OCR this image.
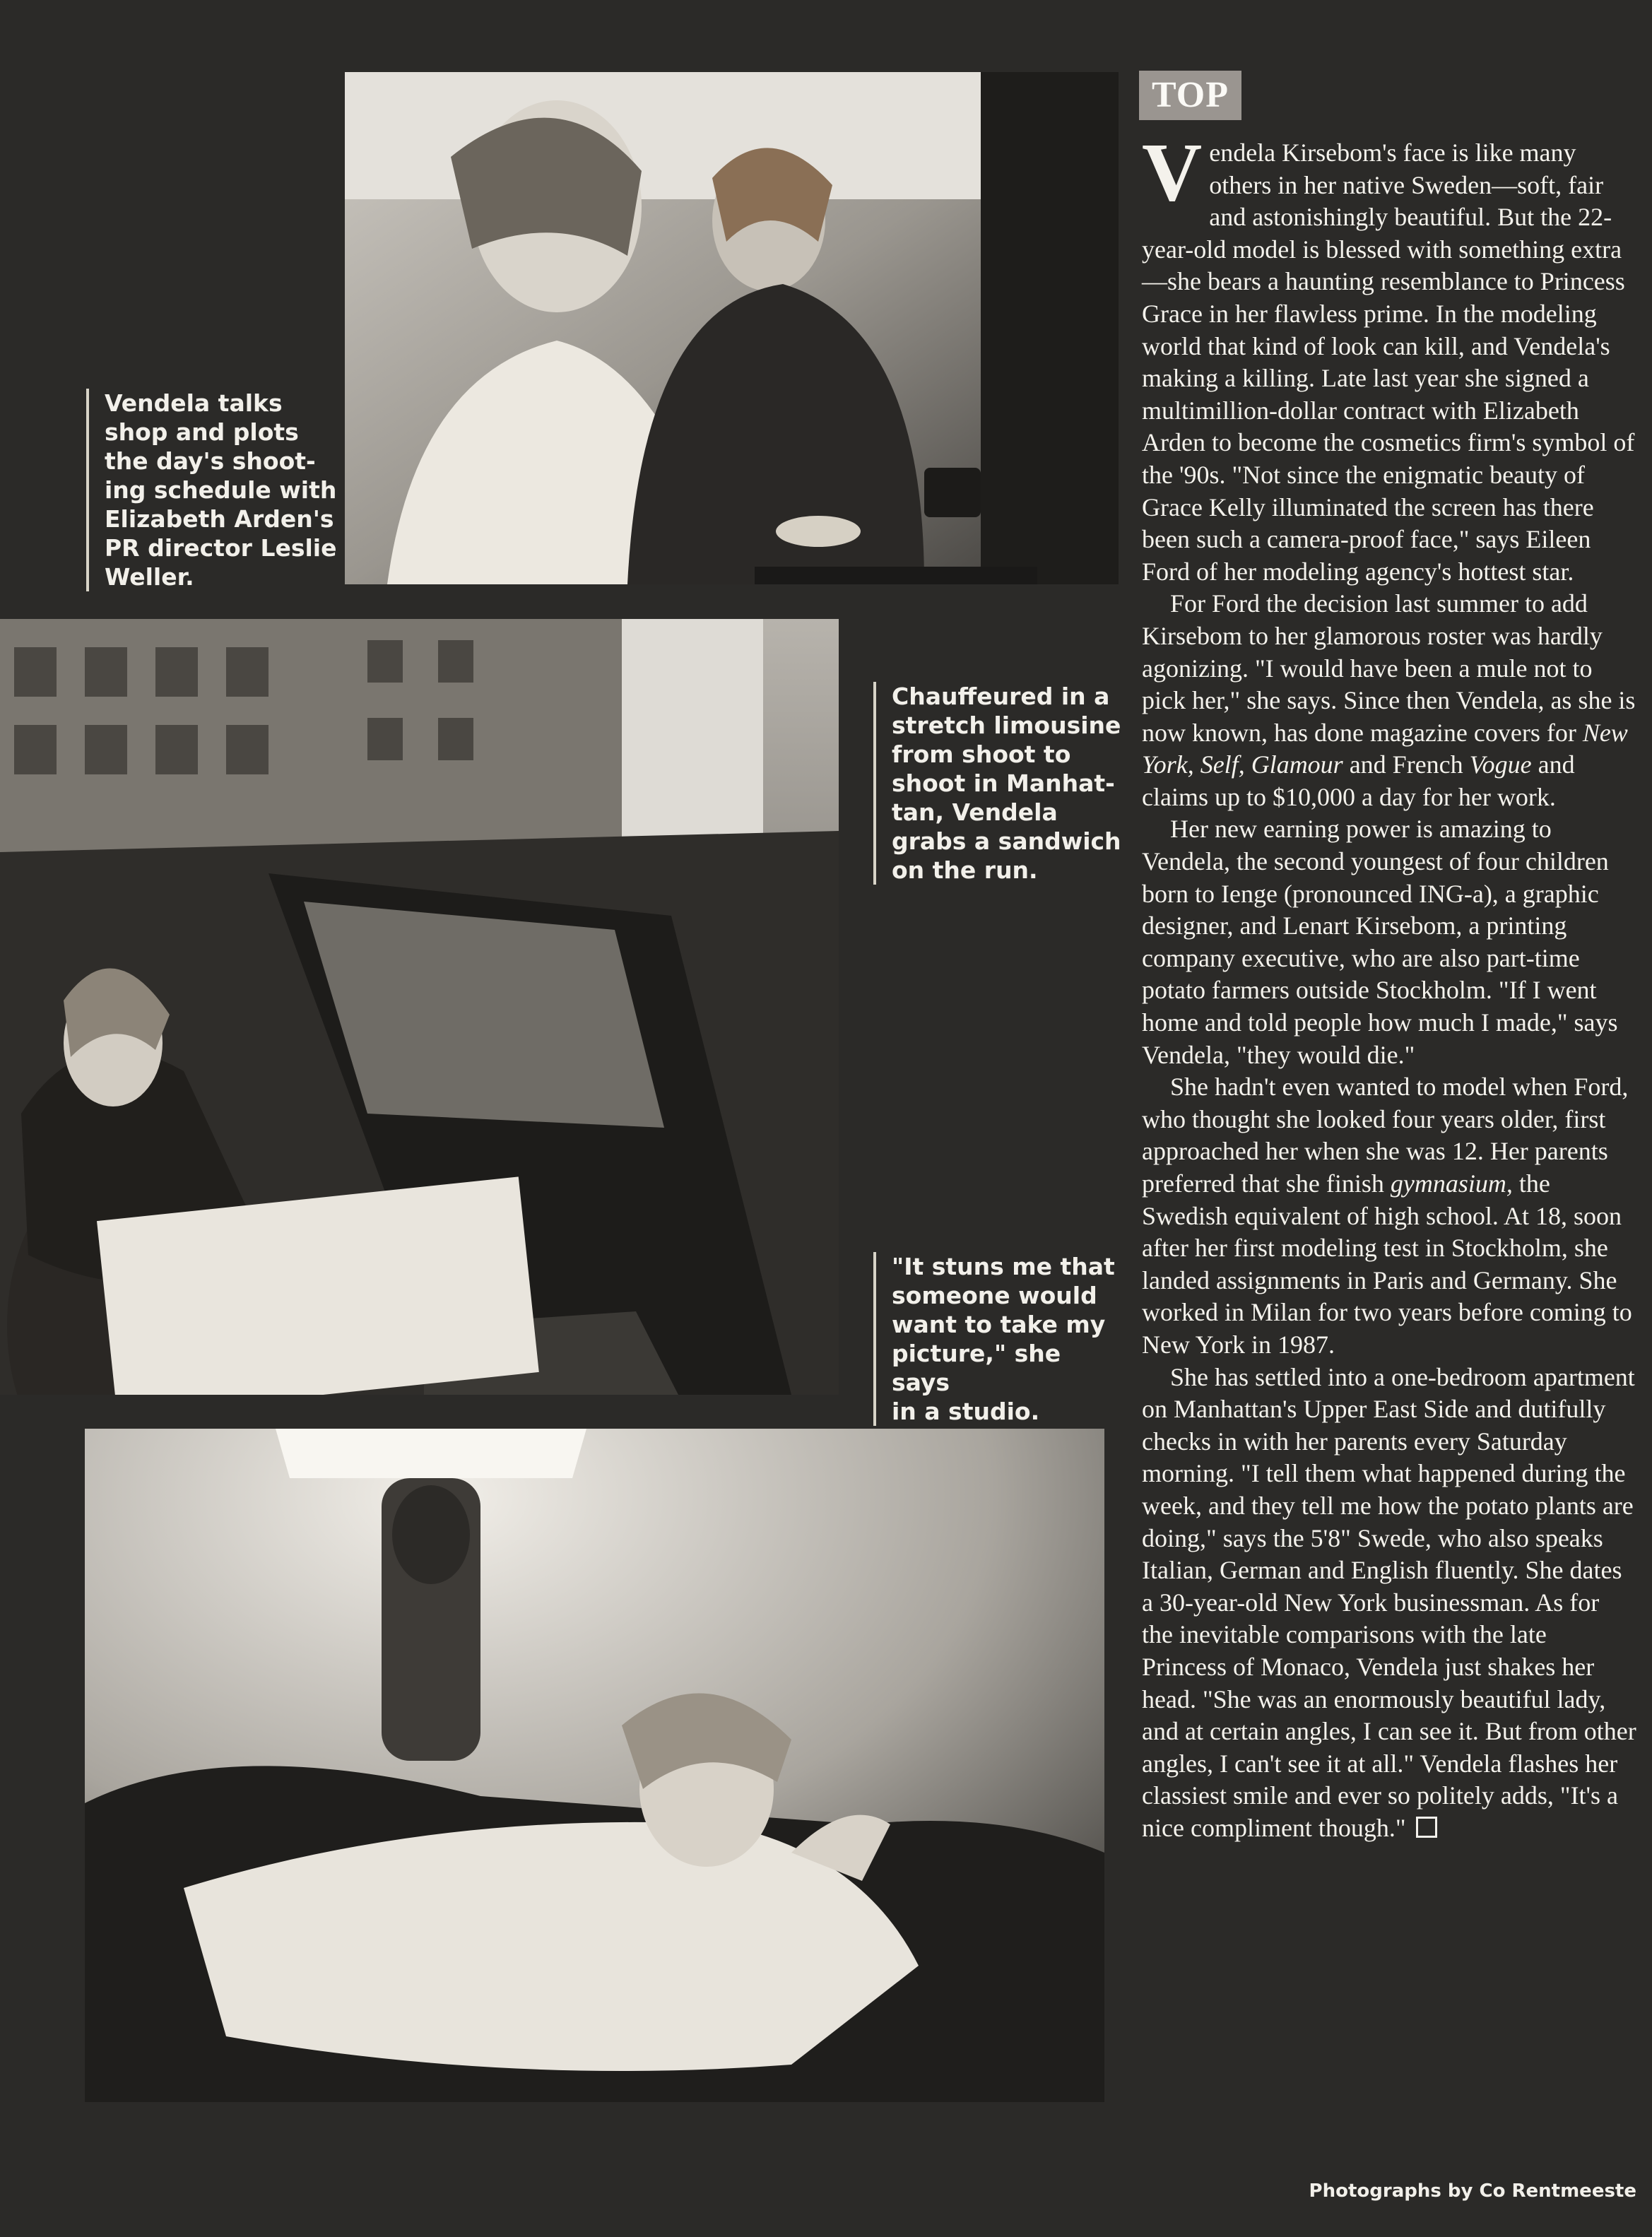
Vendela talks
shop and plots
the day's shoot-
ing schedule with
Elizabeth Arden's
PR director Leslie
Weller.
Chauffeured in a
stretch limousine
from shoot to
shoot in Manhat-
tan, Vendela
grabs a sandwich
on the run.
"It stuns me that
someone would
want to take my
picture," she says
in a studio.
TOP

Vendela Kirsebom's face is like many others in her native Sweden—soft, fair and astonishingly beautiful. But the 22-year-old model is blessed with something extra—she bears a haunting resemblance to Princess Grace in her flawless prime. In the modeling world that kind of look can kill, and Vendela's making a killing. Late last year she signed a multimillion-dollar contract with Elizabeth Arden to become the cosmetics firm's symbol of the '90s. "Not since the enigmatic beauty of Grace Kelly illuminated the screen has there been such a camera-proof face," says Eileen Ford of her modeling agency's hottest star.

For Ford the decision last summer to add Kirsebom to her glamorous roster was hardly agonizing. "I would have been a mule not to pick her," she says. Since then Vendela, as she is now known, has done magazine covers for New York, Self, Glamour and French Vogue and claims up to $10,000 a day for her work.

Her new earning power is amazing to Vendela, the second youngest of four children born to Ienge (pronounced ING-a), a graphic designer, and Lenart Kirsebom, a printing company executive, who are also part-time potato farmers outside Stockholm. "If I went home and told people how much I made," says Vendela, "they would die."

She hadn't even wanted to model when Ford, who thought she looked four years older, first approached her when she was 12. Her parents preferred that she finish gymnasium, the Swedish equivalent of high school. At 18, soon after her first modeling test in Stockholm, she landed assignments in Paris and Germany. She worked in Milan for two years before coming to New York in 1987.

She has settled into a one-bedroom apartment on Manhattan's Upper East Side and dutifully checks in with her parents every Saturday morning. "I tell them what happened during the week, and they tell me how the potato plants are doing," says the 5'8" Swede, who also speaks Italian, German and English fluently. She dates a 30-year-old New York businessman. As for the inevitable comparisons with the late Princess of Monaco, Vendela just shakes her head. "She was an enormously beautiful lady, and at certain angles, I can see it. But from other angles, I can't see it at all." Vendela flashes her classiest smile and ever so politely adds, "It's a nice compliment though."

Photographs by Co Rentmeeste
